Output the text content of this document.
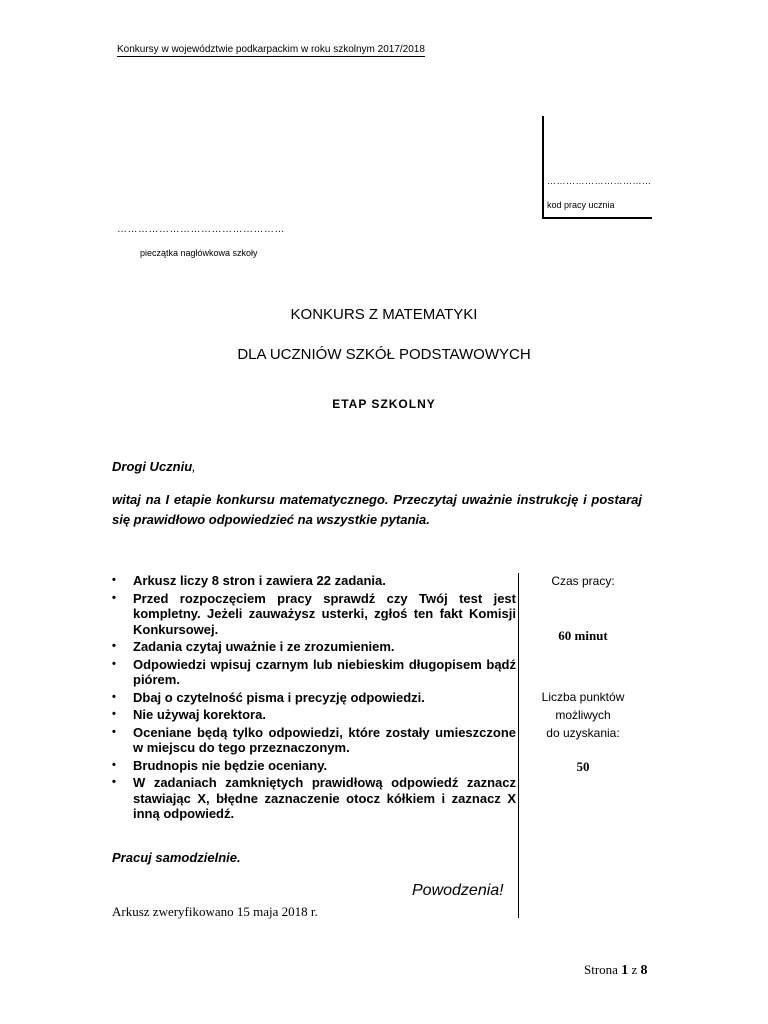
Konkursy w województwie podkarpackim w roku szkolnym 2017/2018
……………………………
kod pracy ucznia
…………………………………………
pieczątka nagłówkowa szkoły
KONKURS Z MATEMATYKI
DLA UCZNIÓW SZKÓŁ PODSTAWOWYCH
ETAP SZKOLNY
Drogi Uczniu,
witaj na I etapie konkursu matematycznego. Przeczytaj uważnie instrukcję i postaraj się prawidłowo odpowiedzieć na wszystkie pytania.
• Arkusz liczy 8 stron i zawiera 22 zadania.
• Przed rozpoczęciem pracy sprawdź czy Twój test jest kompletny. Jeżeli zauważysz usterki, zgłoś ten fakt Komisji Konkursowej.
• Zadania czytaj uważnie i ze zrozumieniem.
• Odpowiedzi wpisuj czarnym lub niebieskim długopisem bądź piórem.
• Dbaj o czytelność pisma i precyzję odpowiedzi.
• Nie używaj korektora.
• Oceniane będą tylko odpowiedzi, które zostały umieszczone w miejscu do tego przeznaczonym.
• Brudnopis nie będzie oceniany.
• W zadaniach zamkniętych prawidłową odpowiedź zaznacz stawiając X, błędne zaznaczenie otocz kółkiem i zaznacz X inną odpowiedź.
Czas pracy:
60 minut
Liczba punktów
możliwych
do uzyskania:
50
Pracuj samodzielnie.
Powodzenia!
Arkusz zweryfikowano 15 maja 2018 r.
Strona 1 z 8
